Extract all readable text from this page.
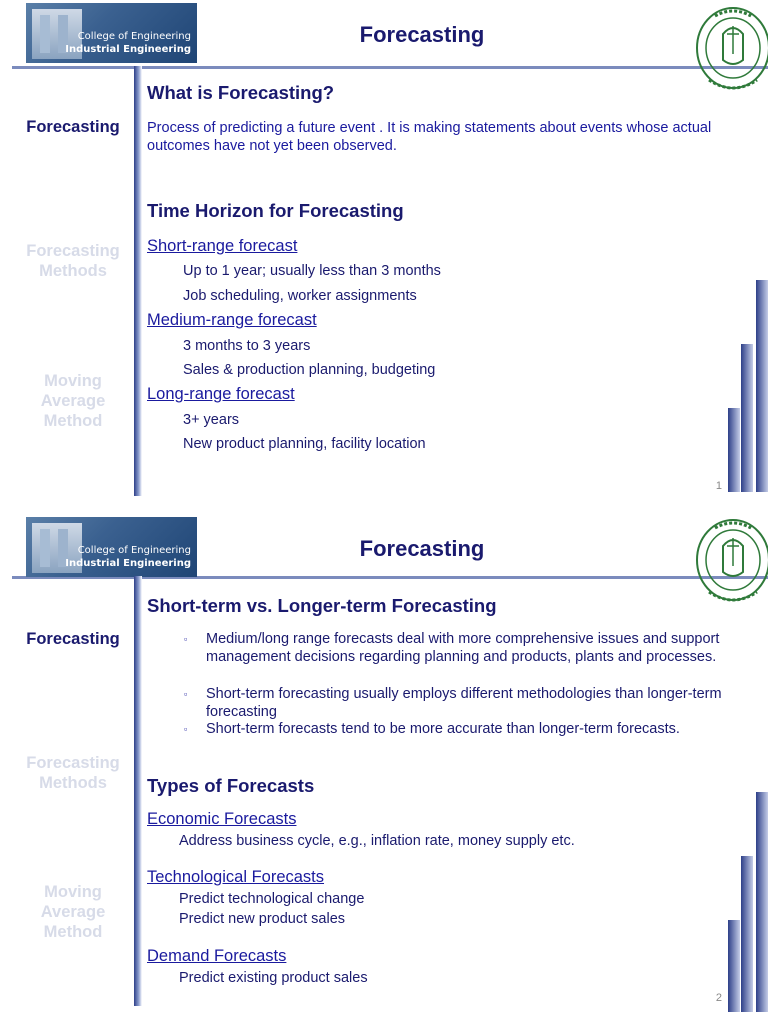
College of Engineering
Industrial Engineering
Forecasting
Forecasting
Forecasting
Methods
Moving
Average
Method
What is Forecasting?
Process of predicting a future event . It is making statements about events whose actual outcomes have not yet been observed.
Time Horizon for Forecasting
Short-range forecast
Up to 1 year; usually less than 3 months
Job scheduling, worker assignments
Medium-range forecast
3 months to 3 years
Sales & production planning, budgeting
Long-range forecast
3+ years
New product planning, facility location
1
College of Engineering
Industrial Engineering
Forecasting
Forecasting
Forecasting
Methods
Moving
Average
Method
Short-term vs. Longer-term Forecasting
▫ Medium/long range forecasts deal with more comprehensive issues and support management decisions regarding planning and products, plants and processes.
▫ Short-term forecasting usually employs different methodologies than longer-term forecasting
▫ Short-term forecasts tend to be more accurate than longer-term forecasts.
Types of Forecasts
Economic Forecasts
Address business cycle, e.g., inflation rate, money supply etc.
Technological Forecasts
Predict technological change
Predict new product sales
Demand Forecasts
Predict existing product sales
2
